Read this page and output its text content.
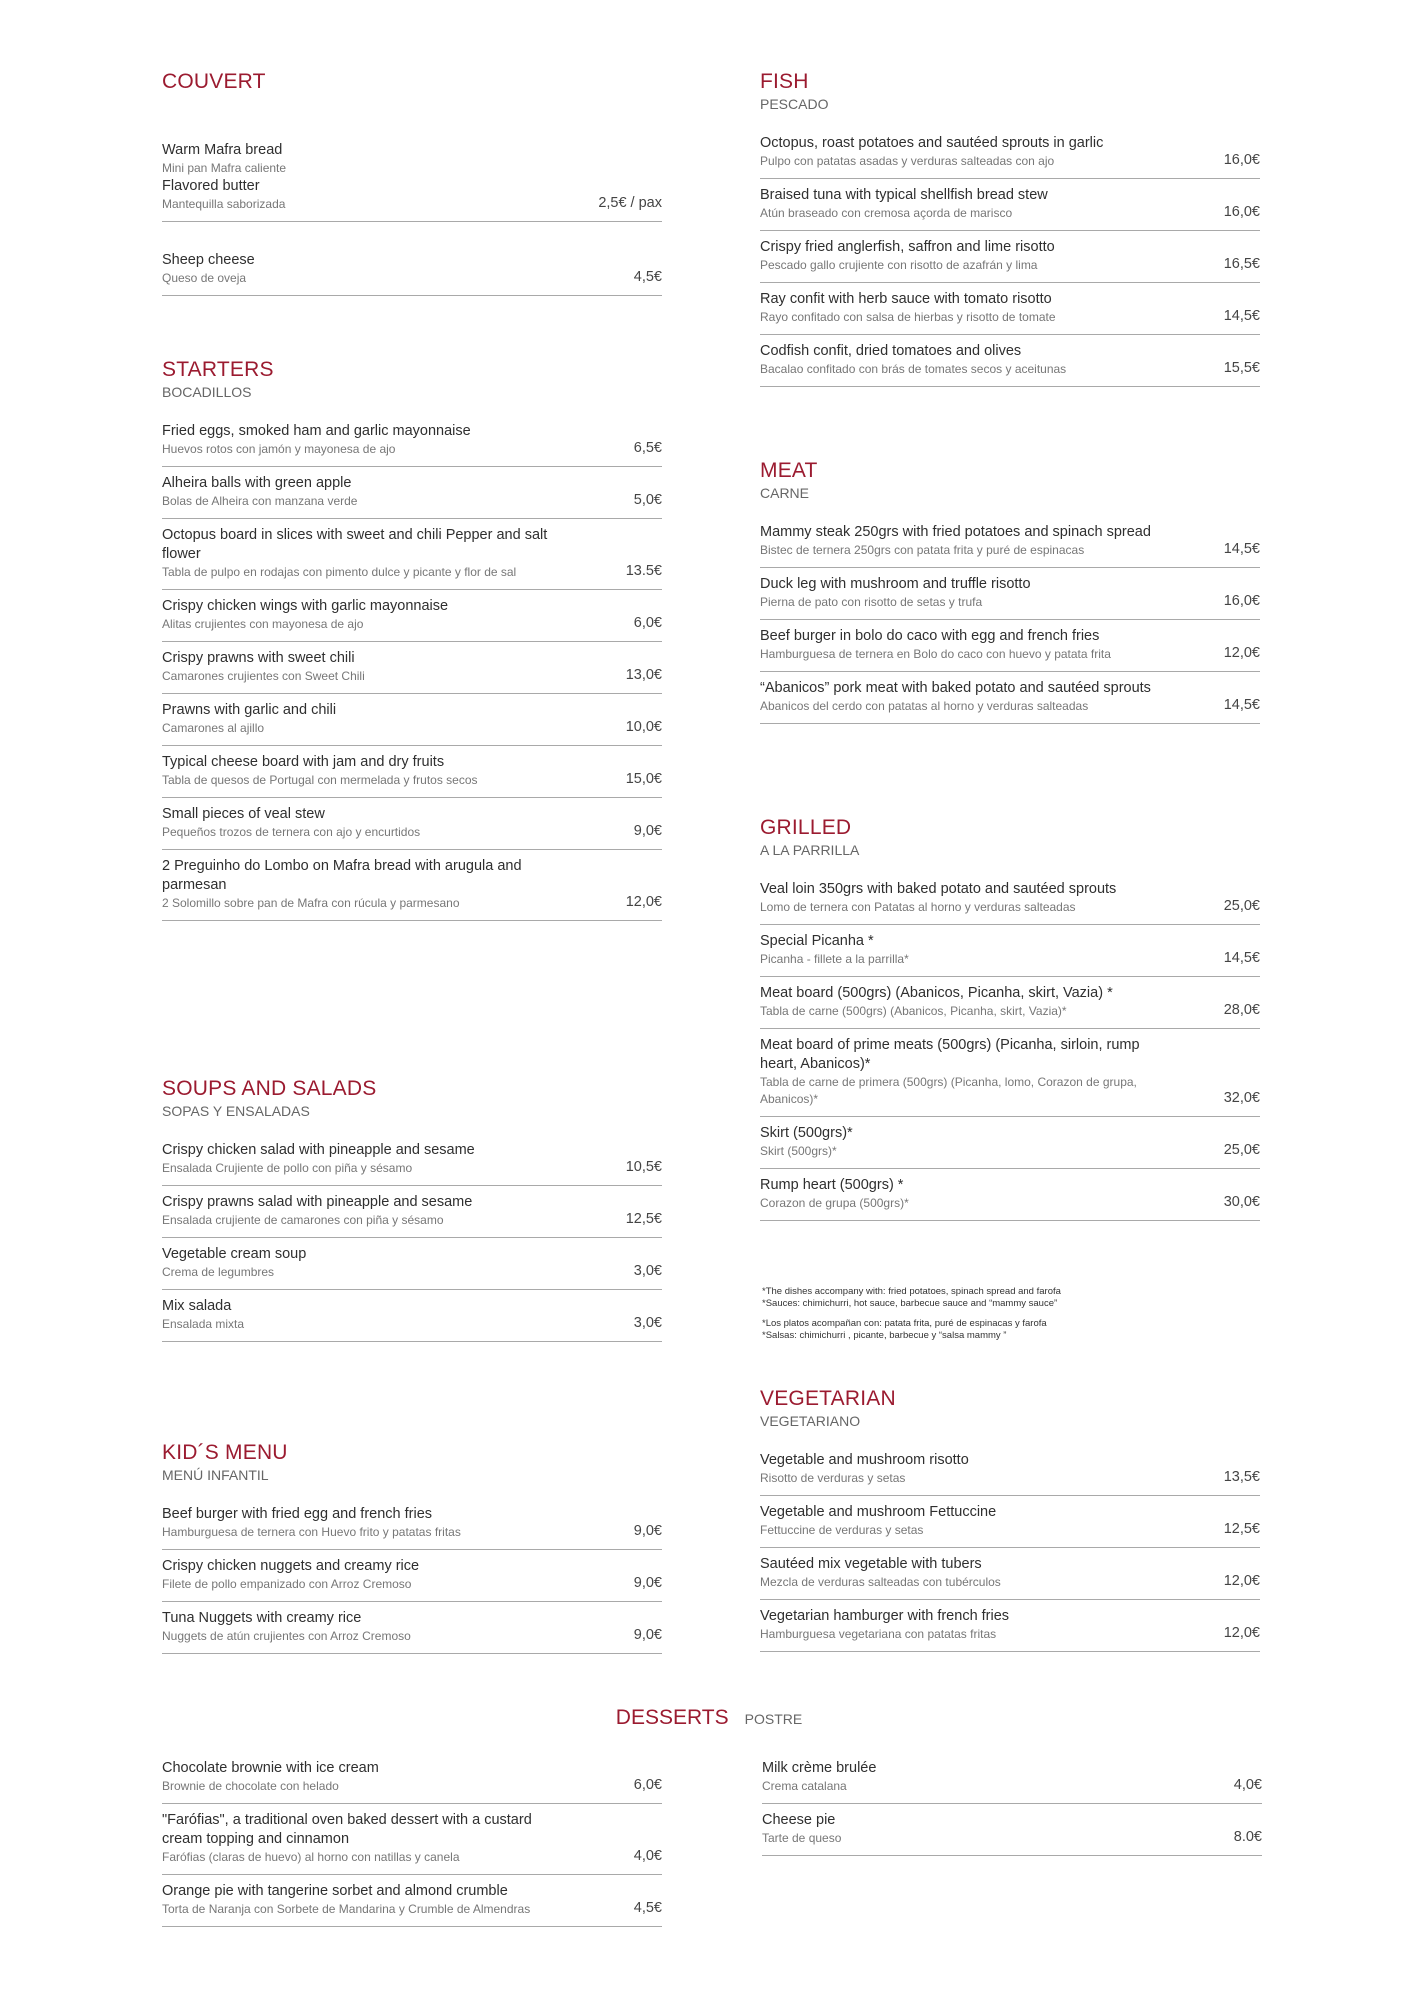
COUVERT
Warm Mafra bread
Mini pan Mafra caliente
Flavored butter
Mantequilla saborizada	2,5€ / pax
Sheep cheese
Queso de oveja	4,5€
STARTERS
BOCADILLOS
Fried eggs, smoked ham and garlic mayonnaise
Huevos rotos con jamón y mayonesa de ajo	6,5€
Alheira balls with green apple
Bolas de Alheira con manzana verde	5,0€
Octopus board in slices with sweet and chili Pepper and salt flower
Tabla de pulpo en rodajas con pimento dulce y picante y flor de sal	13.5€
Crispy chicken wings with garlic mayonnaise
Alitas crujientes con mayonesa de ajo	6,0€
Crispy prawns with sweet chili
Camarones crujientes con Sweet Chili	13,0€
Prawns with garlic and chili
Camarones al ajillo	10,0€
Typical cheese board with jam and dry fruits
Tabla de quesos de Portugal con mermelada y frutos secos	15,0€
Small pieces of veal stew
Pequeños trozos de ternera con ajo y encurtidos	9,0€
2 Preguinho do Lombo on Mafra bread with arugula and parmesan
2 Solomillo sobre pan de Mafra con rúcula y parmesano	12,0€
SOUPS AND SALADS
SOPAS Y ENSALADAS
Crispy chicken salad with pineapple and sesame
Ensalada Crujiente de pollo con piña y sésamo	10,5€
Crispy prawns salad with pineapple and sesame
Ensalada crujiente de camarones con piña y sésamo	12,5€
Vegetable cream soup
Crema de legumbres	3,0€
Mix salada
Ensalada mixta	3,0€
KID´S MENU
MENÚ INFANTIL
Beef burger with fried egg and french fries
Hamburguesa de ternera con Huevo frito y patatas fritas	9,0€
Crispy chicken nuggets and creamy rice
Filete de pollo empanizado con Arroz Cremoso	9,0€
Tuna Nuggets with creamy rice
Nuggets de atún crujientes con Arroz Cremoso	9,0€
FISH
PESCADO
Octopus, roast potatoes and sautéed sprouts in garlic
Pulpo con patatas asadas y verduras salteadas con ajo	16,0€
Braised tuna with typical shellfish bread stew
Atún braseado con cremosa açorda de marisco	16,0€
Crispy fried anglerfish, saffron and lime risotto
Pescado gallo crujiente con risotto de azafrán y lima	16,5€
Ray confit with herb sauce with tomato risotto
Rayo confitado con salsa de hierbas y risotto de tomate	14,5€
Codfish confit, dried tomatoes and olives
Bacalao confitado con brás de tomates secos y aceitunas	15,5€
MEAT
CARNE
Mammy steak 250grs with fried potatoes and spinach spread
Bistec de ternera 250grs con patata frita y puré de espinacas	14,5€
Duck leg with mushroom and truffle risotto
Pierna de pato con risotto de setas y trufa	16,0€
Beef burger in bolo do caco with egg and french fries
Hamburguesa de ternera en Bolo do caco con huevo y patata frita	12,0€
“Abanicos” pork meat with baked potato and sautéed sprouts
Abanicos del cerdo con patatas al horno y verduras salteadas	14,5€
GRILLED
A LA PARRILLA
Veal loin 350grs with baked potato and sautéed sprouts
Lomo de ternera con Patatas al horno y verduras salteadas	25,0€
Special Picanha *
Picanha - fillete a la parrilla*	14,5€
Meat board (500grs) (Abanicos, Picanha, skirt, Vazia) *
Tabla de carne (500grs) (Abanicos, Picanha, skirt, Vazia)*	28,0€
Meat board of prime meats (500grs) (Picanha, sirloin, rump heart, Abanicos)*
Tabla de carne de primera (500grs) (Picanha, lomo, Corazon de grupa, Abanicos)*	32,0€
Skirt (500grs)*
Skirt (500grs)*	25,0€
Rump heart (500grs) *
Corazon de grupa (500grs)*	30,0€

*The dishes accompany with: fried potatoes, spinach spread and farofa

*Sauces: chimichurri, hot sauce, barbecue sauce and “mammy sauce”

*Los platos acompañan con: patata frita, puré de espinacas y farofa

*Salsas: chimichurri , picante, barbecue y “salsa mammy ”

VEGETARIAN
VEGETARIANO
Vegetable and mushroom risotto
Risotto de verduras y setas	13,5€
Vegetable and mushroom Fettuccine
Fettuccine de verduras y setas	12,5€
Sautéed mix vegetable with tubers
Mezcla de verduras salteadas con tubérculos	12,0€
Vegetarian hamburger with french fries
Hamburguesa vegetariana con patatas fritas	12,0€
DESSERTS POSTRE
Chocolate brownie with ice cream
Brownie de chocolate con helado	6,0€
"Farófias", a traditional oven baked dessert with a custard cream topping and cinnamon
Farófias (claras de huevo) al horno con natillas y canela	4,0€
Orange pie with tangerine sorbet and almond crumble
Torta de Naranja con Sorbete de Mandarina y Crumble de Almendras	4,5€
Milk crème brulée
Crema catalana	4,0€
Cheese pie
Tarte de queso	8.0€
